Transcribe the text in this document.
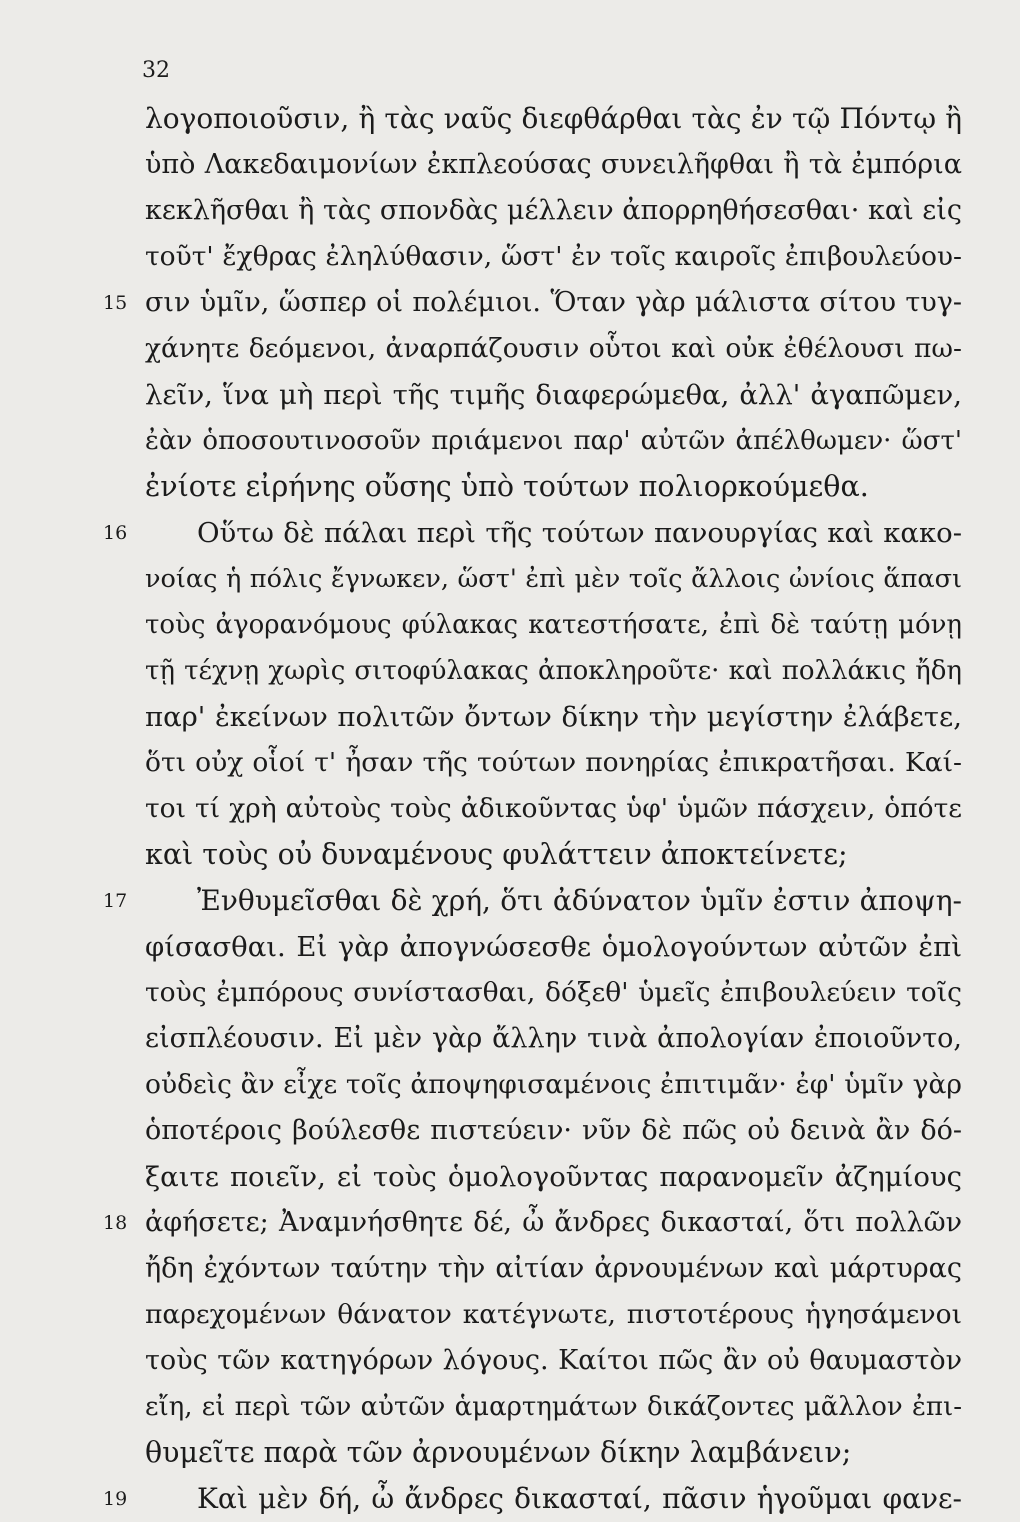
32
λογοποιοῦσιν, ἢ τὰς ναῦς διεφθάρθαι τὰς ἐν τῷ Πόντῳ ἢ
ὑπὸ Λακεδαιμονίων ἐκπλεούσας συνειλῆφθαι ἢ τὰ ἐμπόρια
κεκλῆσθαι ἢ τὰς σπονδὰς μέλλειν ἀπορρηθήσεσθαι· καὶ εἰς
τοῦτ' ἔχθρας ἐληλύθασιν, ὥστ' ἐν τοῖς καιροῖς ἐπιβουλεύου-
15 σιν ὑμῖν, ὥσπερ οἱ πολέμιοι. Ὅταν γὰρ μάλιστα σίτου τυγ-
χάνητε δεόμενοι, ἀναρπάζουσιν οὗτοι καὶ οὐκ ἐθέλουσι πω-
λεῖν, ἵνα μὴ περὶ τῆς τιμῆς διαφερώμεθα, ἀλλ' ἀγαπῶμεν,
ἐὰν ὁποσουτινοσοῦν πριάμενοι παρ' αὐτῶν ἀπέλθωμεν· ὥστ'
ἐνίοτε εἰρήνης οὔσης ὑπὸ τούτων πολιορκούμεθα.
16	Οὕτω δὲ πάλαι περὶ τῆς τούτων πανουργίας καὶ κακο-
νοίας ἡ πόλις ἔγνωκεν, ὥστ' ἐπὶ μὲν τοῖς ἄλλοις ὠνίοις ἅπασι
τοὺς ἀγορανόμους φύλακας κατεστήσατε, ἐπὶ δὲ ταύτῃ μόνῃ
τῇ τέχνῃ χωρὶς σιτοφύλακας ἀποκληροῦτε· καὶ πολλάκις ἤδη
παρ' ἐκείνων πολιτῶν ὄντων δίκην τὴν μεγίστην ἐλάβετε,
ὅτι οὐχ οἷοί τ' ἦσαν τῆς τούτων πονηρίας ἐπικρατῆσαι. Καί-
τοι τί χρὴ αὐτοὺς τοὺς ἀδικοῦντας ὑφ' ὑμῶν πάσχειν, ὁπότε
καὶ τοὺς οὐ δυναμένους φυλάττειν ἀποκτείνετε;
17	Ἐνθυμεῖσθαι δὲ χρή, ὅτι ἀδύνατον ὑμῖν ἐστιν ἀποψη-
φίσασθαι. Εἰ γὰρ ἀπογνώσεσθε ὁμολογούντων αὐτῶν ἐπὶ
τοὺς ἐμπόρους συνίστασθαι, δόξεθ' ὑμεῖς ἐπιβουλεύειν τοῖς
εἰσπλέουσιν. Εἰ μὲν γὰρ ἄλλην τινὰ ἀπολογίαν ἐποιοῦντο,
οὐδεὶς ἂν εἶχε τοῖς ἀποψηφισαμένοις ἐπιτιμᾶν· ἐφ' ὑμῖν γὰρ
ὁποτέροις βούλεσθε πιστεύειν· νῦν δὲ πῶς οὐ δεινὰ ἂν δό-
ξαιτε ποιεῖν, εἰ τοὺς ὁμολογοῦντας παρανομεῖν ἀζημίους
18 ἀφήσετε; Ἀναμνήσθητε δέ, ὦ ἄνδρες δικασταί, ὅτι πολλῶν
ἤδη ἐχόντων ταύτην τὴν αἰτίαν ἀρνουμένων καὶ μάρτυρας
παρεχομένων θάνατον κατέγνωτε, πιστοτέρους ἡγησάμενοι
τοὺς τῶν κατηγόρων λόγους. Καίτοι πῶς ἂν οὐ θαυμαστὸν
εἴη, εἰ περὶ τῶν αὐτῶν ἁμαρτημάτων δικάζοντες μᾶλλον ἐπι-
θυμεῖτε παρὰ τῶν ἀρνουμένων δίκην λαμβάνειν;
19	Καὶ μὲν δή, ὦ ἄνδρες δικασταί, πᾶσιν ἡγοῦμαι φανε-
